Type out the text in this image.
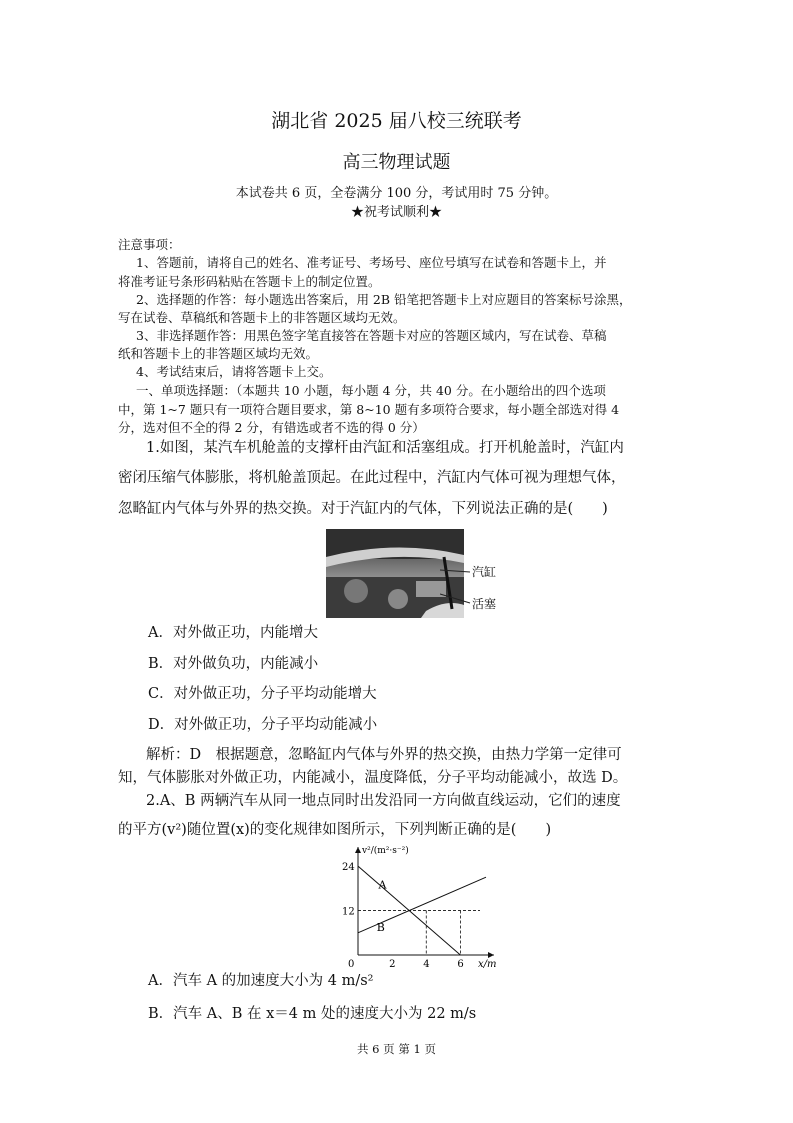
湖北省 2025 届八校三统联考
高三物理试题
本试卷共 6 页，全卷满分 100 分，考试用时 75 分钟。
★祝考试顺利★
注意事项：
1、答题前，请将自己的姓名、准考证号、考场号、座位号填写在试卷和答题卡上，并
将准考证号条形码粘贴在答题卡上的制定位置。
2、选择题的作答：每小题选出答案后，用 2B 铅笔把答题卡上对应题目的答案标号涂黑，
写在试卷、草稿纸和答题卡上的非答题区域均无效。
3、非选择题作答：用黑色签字笔直接答在答题卡对应的答题区域内，写在试卷、草稿
纸和答题卡上的非答题区域均无效。
4、考试结束后，请将答题卡上交。
一、单项选择题：（本题共 10 小题，每小题 4 分，共 40 分。在小题给出的四个选项
中，第 1~7 题只有一项符合题目要求，第 8~10 题有多项符合要求，每小题全部选对得 4
分，选对但不全的得 2 分，有错选或者不选的得 0 分）
1.如图，某汽车机舱盖的支撑杆由汽缸和活塞组成。打开机舱盖时，汽缸内
密闭压缩气体膨胀，将机舱盖顶起。在此过程中，汽缸内气体可视为理想气体，
忽略缸内气体与外界的热交换。对于汽缸内的气体，下列说法正确的是(　　)
汽缸
活塞
A．对外做正功，内能增大
B．对外做负功，内能减小
C．对外做正功，分子平均动能增大
D．对外做正功，分子平均动能减小
解析：D　根据题意，忽略缸内气体与外界的热交换，由热力学第一定律可
知，气体膨胀对外做正功，内能减小，温度降低，分子平均动能减小，故选 D。
2.A、B 两辆汽车从同一地点同时出发沿同一方向做直线运动，它们的速度
的平方(v²)随位置(x)的变化规律如图所示，下列判断正确的是(　　)
A
B
0	2	4	6
12
24
v²/(m²·s⁻²)
x/m
A．汽车 A 的加速度大小为 4 m/s²
B．汽车 A、B 在 x＝4 m 处的速度大小为 22 m/s
共 6 页 第 1 页
